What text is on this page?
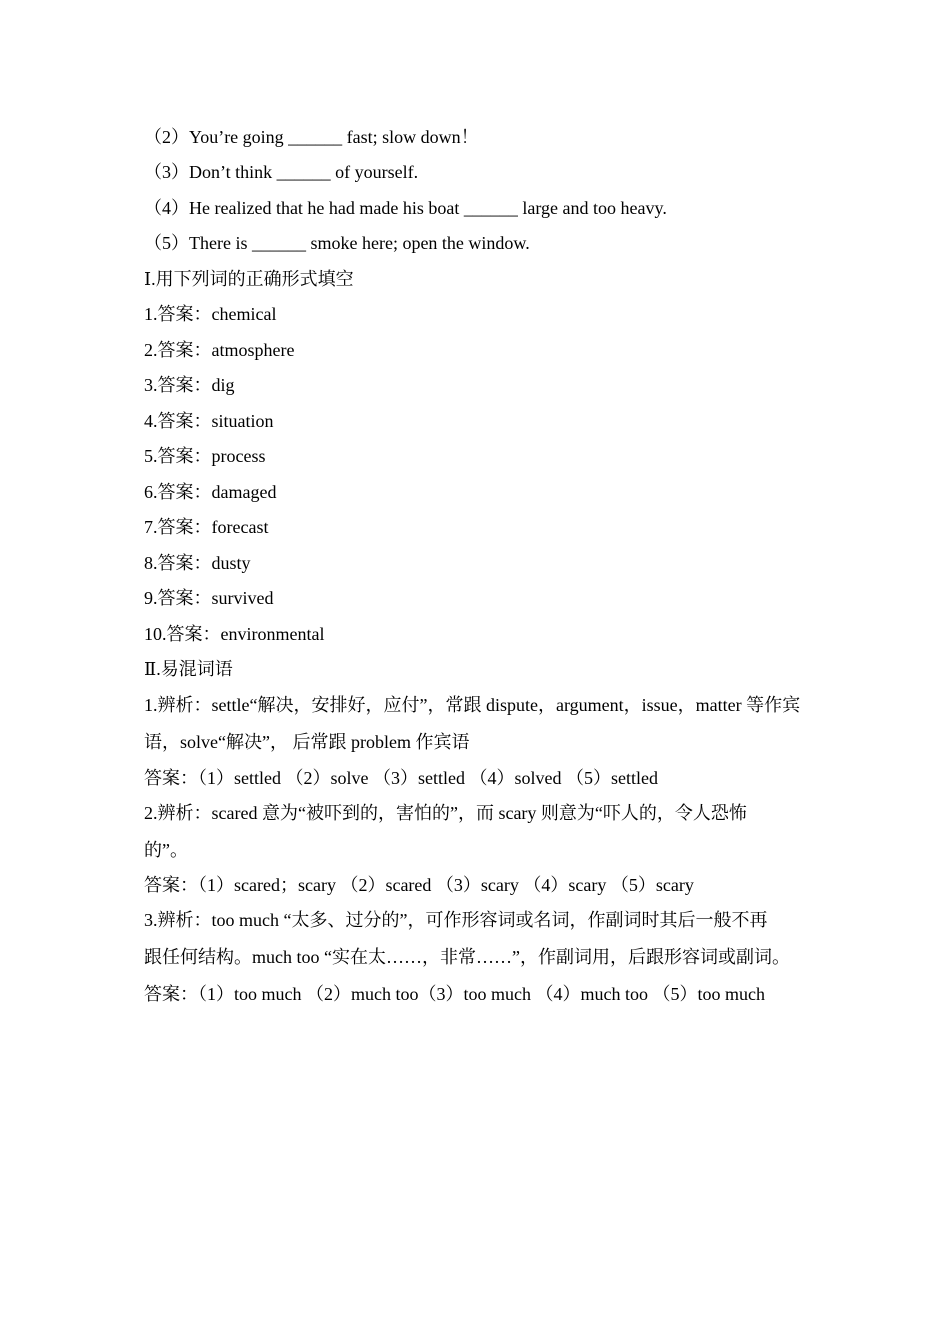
（2）You’re going ______ fast; slow down！
（3）Don’t think ______ of yourself.
（4）He realized that he had made his boat ______ large and too heavy.
（5）There is ______ smoke here; open the window.
Ⅰ.用下列词的正确形式填空
1.答案：chemical
2.答案：atmosphere
3.答案：dig
4.答案：situation
5.答案：process
6.答案：damaged
7.答案：forecast
8.答案：dusty
9.答案：survived
10.答案：environmental
Ⅱ.易混词语
1.辨析：settle“解决，安排好，应付”，常跟 dispute，argument，issue，matter 等作宾
语，solve“解决”， 后常跟 problem 作宾语
答案：（1）settled （2）solve （3）settled （4）solved （5）settled
2.辨析：scared 意为“被吓到的，害怕的”，而 scary 则意为“吓人的，令人恐怖
的”。
答案：（1）scared；scary （2）scared （3）scary （4）scary （5）scary
3.辨析：too much “太多、过分的”，可作形容词或名词，作副词时其后一般不再
跟任何结构。much too “实在太……，非常……”，作副词用，后跟形容词或副词。
答案：（1）too much （2）much too（3）too much （4）much too （5）too much
